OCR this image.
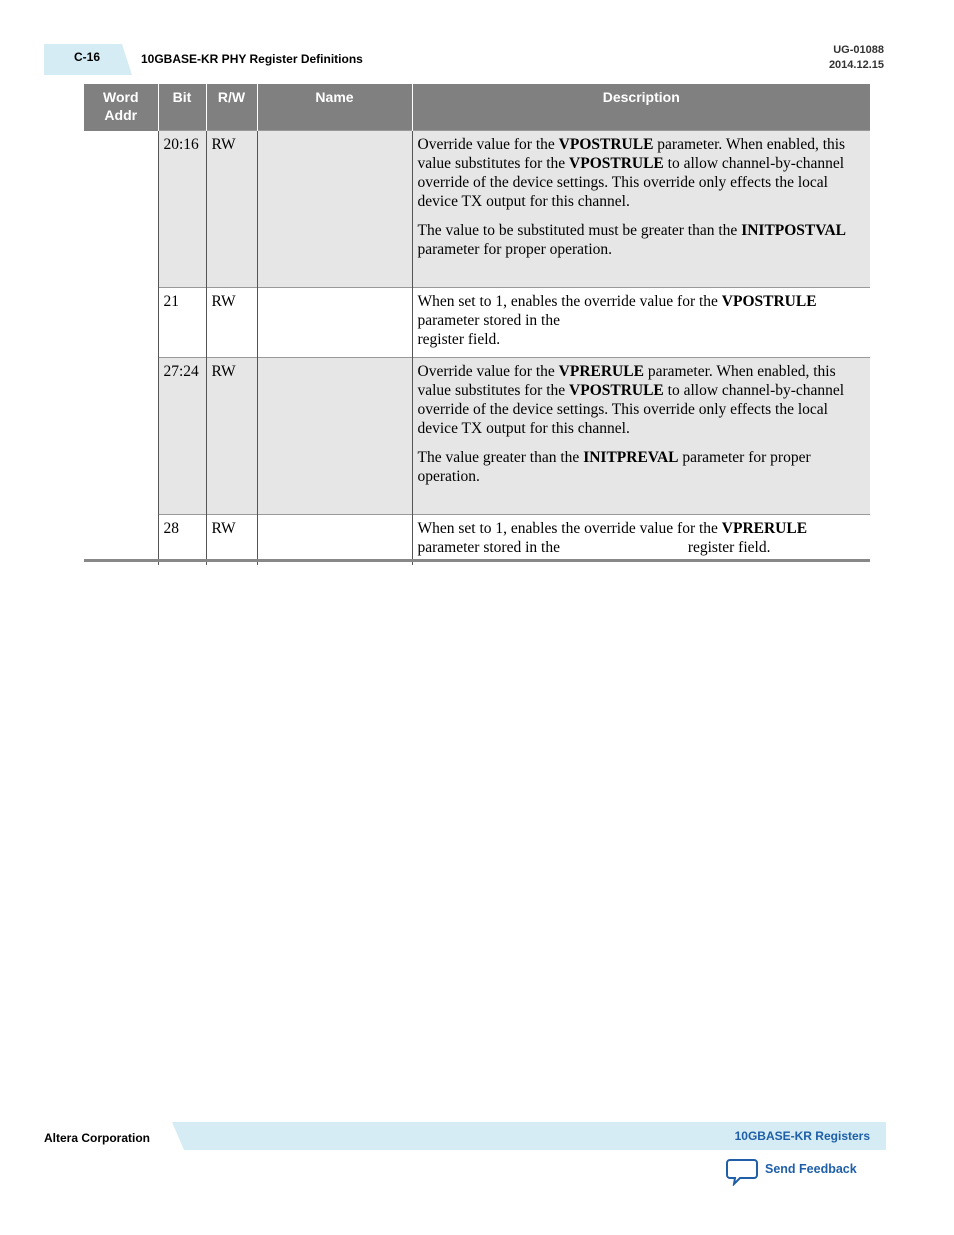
C-16	10GBASE-KR PHY Register Definitions
UG-01088
2014.12.15
Word Addr	Bit	R/W	Name	Description
	20:16	RW		Override value for the VPOSTRULE parameter. When enabled, this value substitutes for the VPOSTRULE to allow channel-by-channel override of the device settings. This override only effects the local device TX output for this channel.

The value to be substituted must be greater than the INITPOSTVAL parameter for proper operation.

	21	RW		When set to 1, enables the override value for the VPOSTRULE parameter stored in the
register field.

	27:24	RW		Override value for the VPRERULE parameter. When enabled, this value substitutes for the VPOSTRULE to allow channel-by-channel override of the device settings. This override only effects the local device TX output for this channel.

The value greater than the INITPREVAL parameter for proper operation.

	28	RW		When set to 1, enables the override value for the VPRERULE parameter stored in the          register field.

Altera Corporation	10GBASE-KR Registers
Send Feedback
